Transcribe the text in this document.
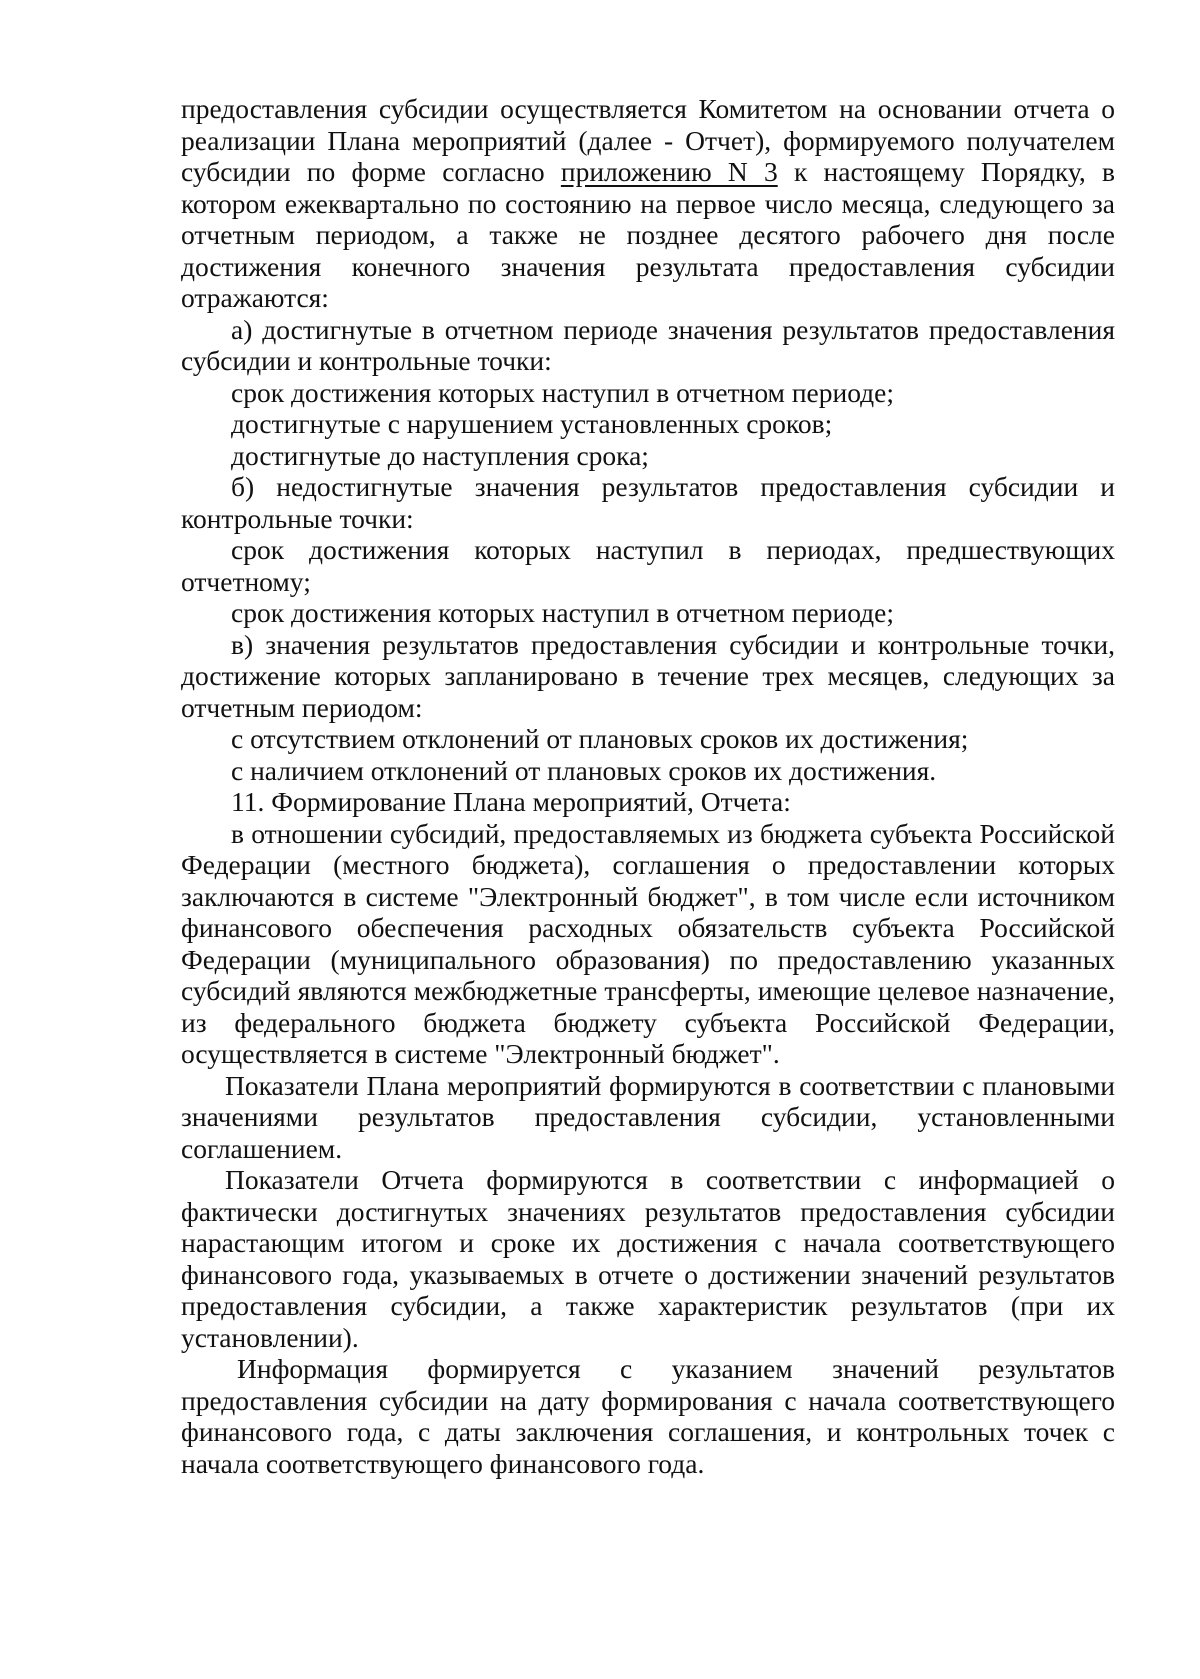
предоставления субсидии осуществляется Комитетом на основании отчета о реализации Плана мероприятий (далее - Отчет), формируемого получателем субсидии по форме согласно приложению N 3 к настоящему Порядку, в котором ежеквартально по состоянию на первое число месяца, следующего за отчетным периодом, а также не позднее десятого рабочего дня после достижения конечного значения результата предоставления субсидии отражаются:

а) достигнутые в отчетном периоде значения результатов предоставления субсидии и контрольные точки:

срок достижения которых наступил в отчетном периоде;

достигнутые с нарушением установленных сроков;

достигнутые до наступления срока;

б) недостигнутые значения результатов предоставления субсидии и контрольные точки:

срок достижения которых наступил в периодах, предшествующих отчетному;

срок достижения которых наступил в отчетном периоде;

в) значения результатов предоставления субсидии и контрольные точки, достижение которых запланировано в течение трех месяцев, следующих за отчетным периодом:

с отсутствием отклонений от плановых сроков их достижения;

с наличием отклонений от плановых сроков их достижения.

11. Формирование Плана мероприятий, Отчета:

в отношении субсидий, предоставляемых из бюджета субъекта Российской Федерации (местного бюджета), соглашения о предоставлении которых заключаются в системе "Электронный бюджет", в том числе если источником финансового обеспечения расходных обязательств субъекта Российской Федерации (муниципального образования) по предоставлению указанных субсидий являются межбюджетные трансферты, имеющие целевое назначение, из федерального бюджета бюджету субъекта Российской Федерации, осуществляется в системе "Электронный бюджет".

Показатели Плана мероприятий формируются в соответствии с плановыми значениями результатов предоставления субсидии, установленными соглашением.

Показатели Отчета формируются в соответствии с информацией о фактически достигнутых значениях результатов предоставления субсидии нарастающим итогом и сроке их достижения с начала соответствующего финансового года, указываемых в отчете о достижении значений результатов предоставления субсидии, а также характеристик результатов (при их установлении).

Информация формируется с указанием значений результатов предоставления субсидии на дату формирования с начала соответствующего финансового года, с даты заключения соглашения, и контрольных точек с начала соответствующего финансового года.
